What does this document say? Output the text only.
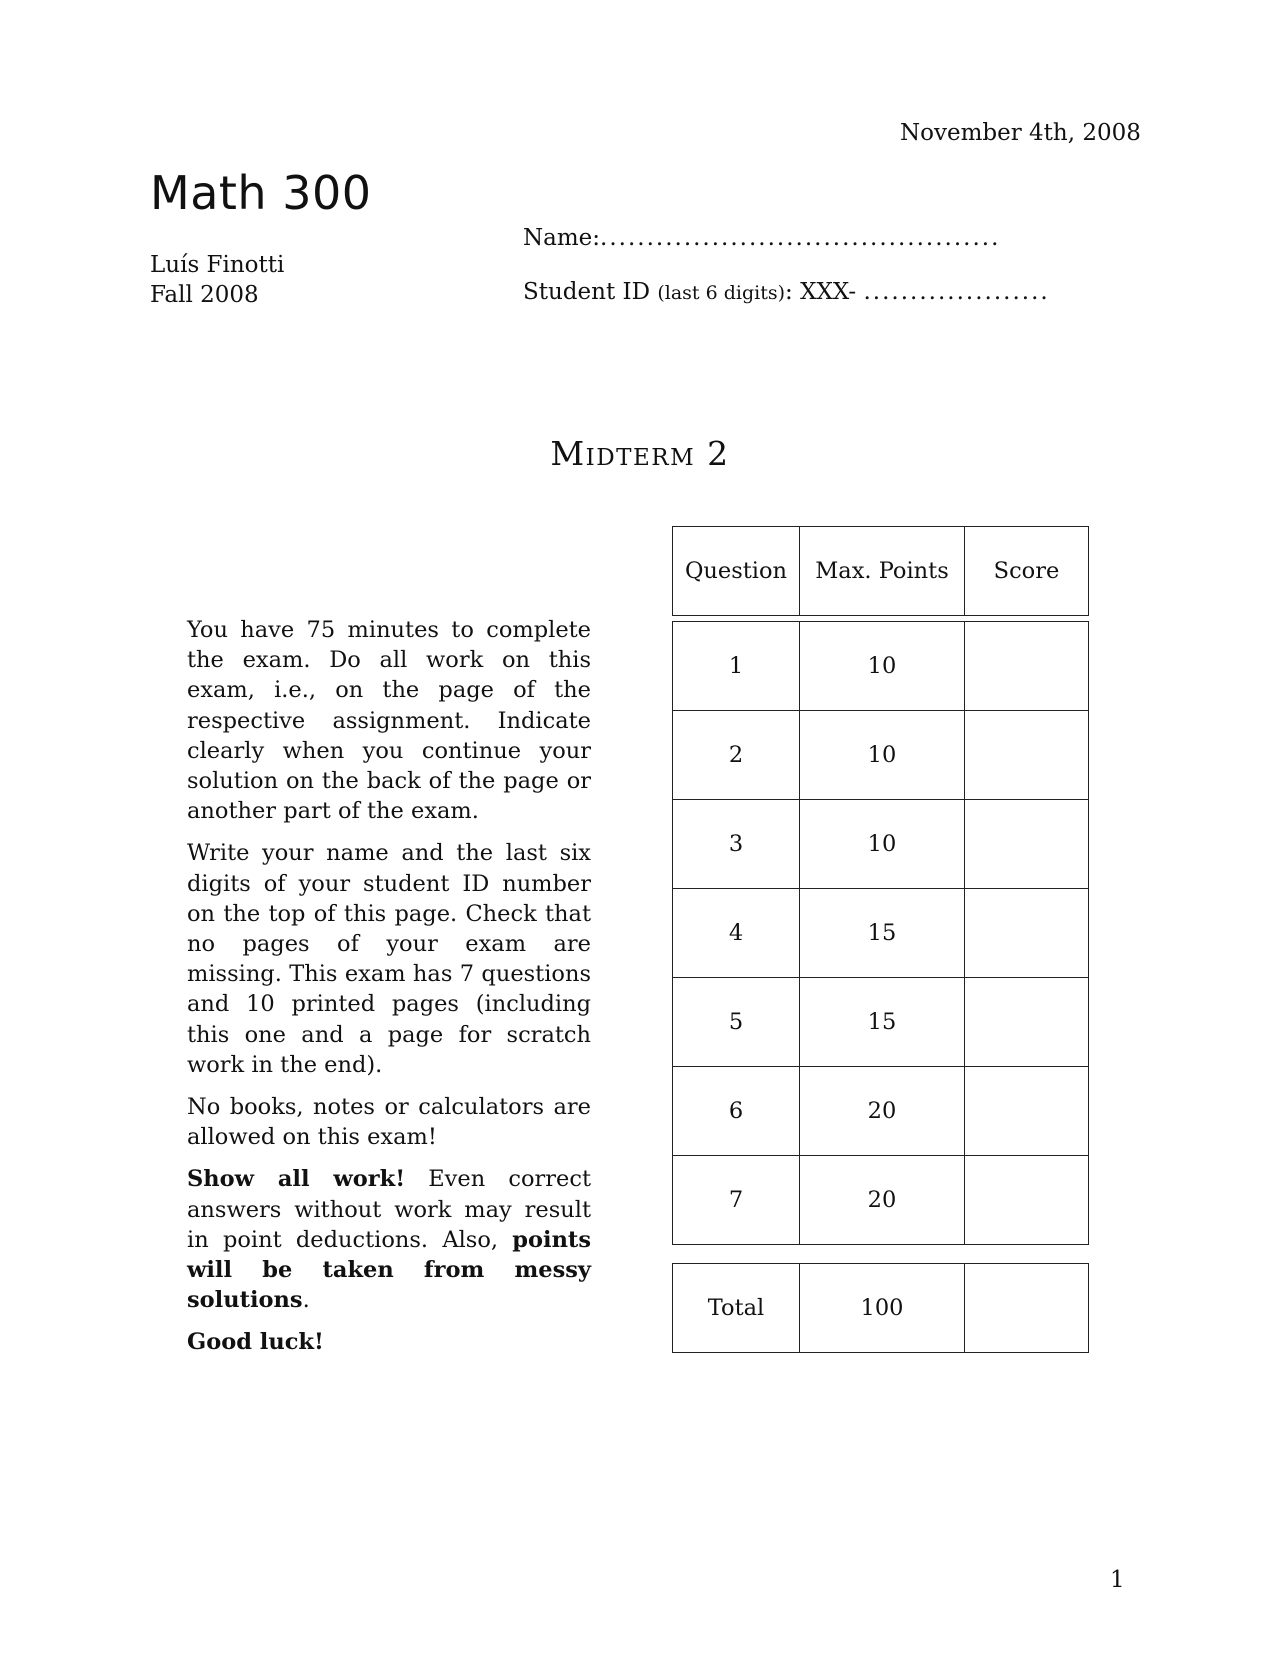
November 4th, 2008
Math 300
Luís Finotti
Fall 2008
Name:...........................................
Student ID (last 6 digits): XXX- ....................
Midterm 2

You have 75 minutes to complete the exam. Do all work on this exam, i.e., on the page of the respective assignment. Indicate clearly when you continue your solution on the back of the page or another part of the exam.

Write your name and the last six digits of your student ID number on the top of this page. Check that no pages of your exam are missing. This exam has 7 questions and 10 printed pages (including this one and a page for scratch work in the end).

No books, notes or calculators are allowed on this exam!

Show all work! Even correct answers without work may result in point deductions. Also, points will be taken from messy solutions.

Good luck!

Question	Max. Points	Score
1	10	
2	10	
3	10	
4	15	
5	15	
6	20	
7	20	
Total	100	
1
